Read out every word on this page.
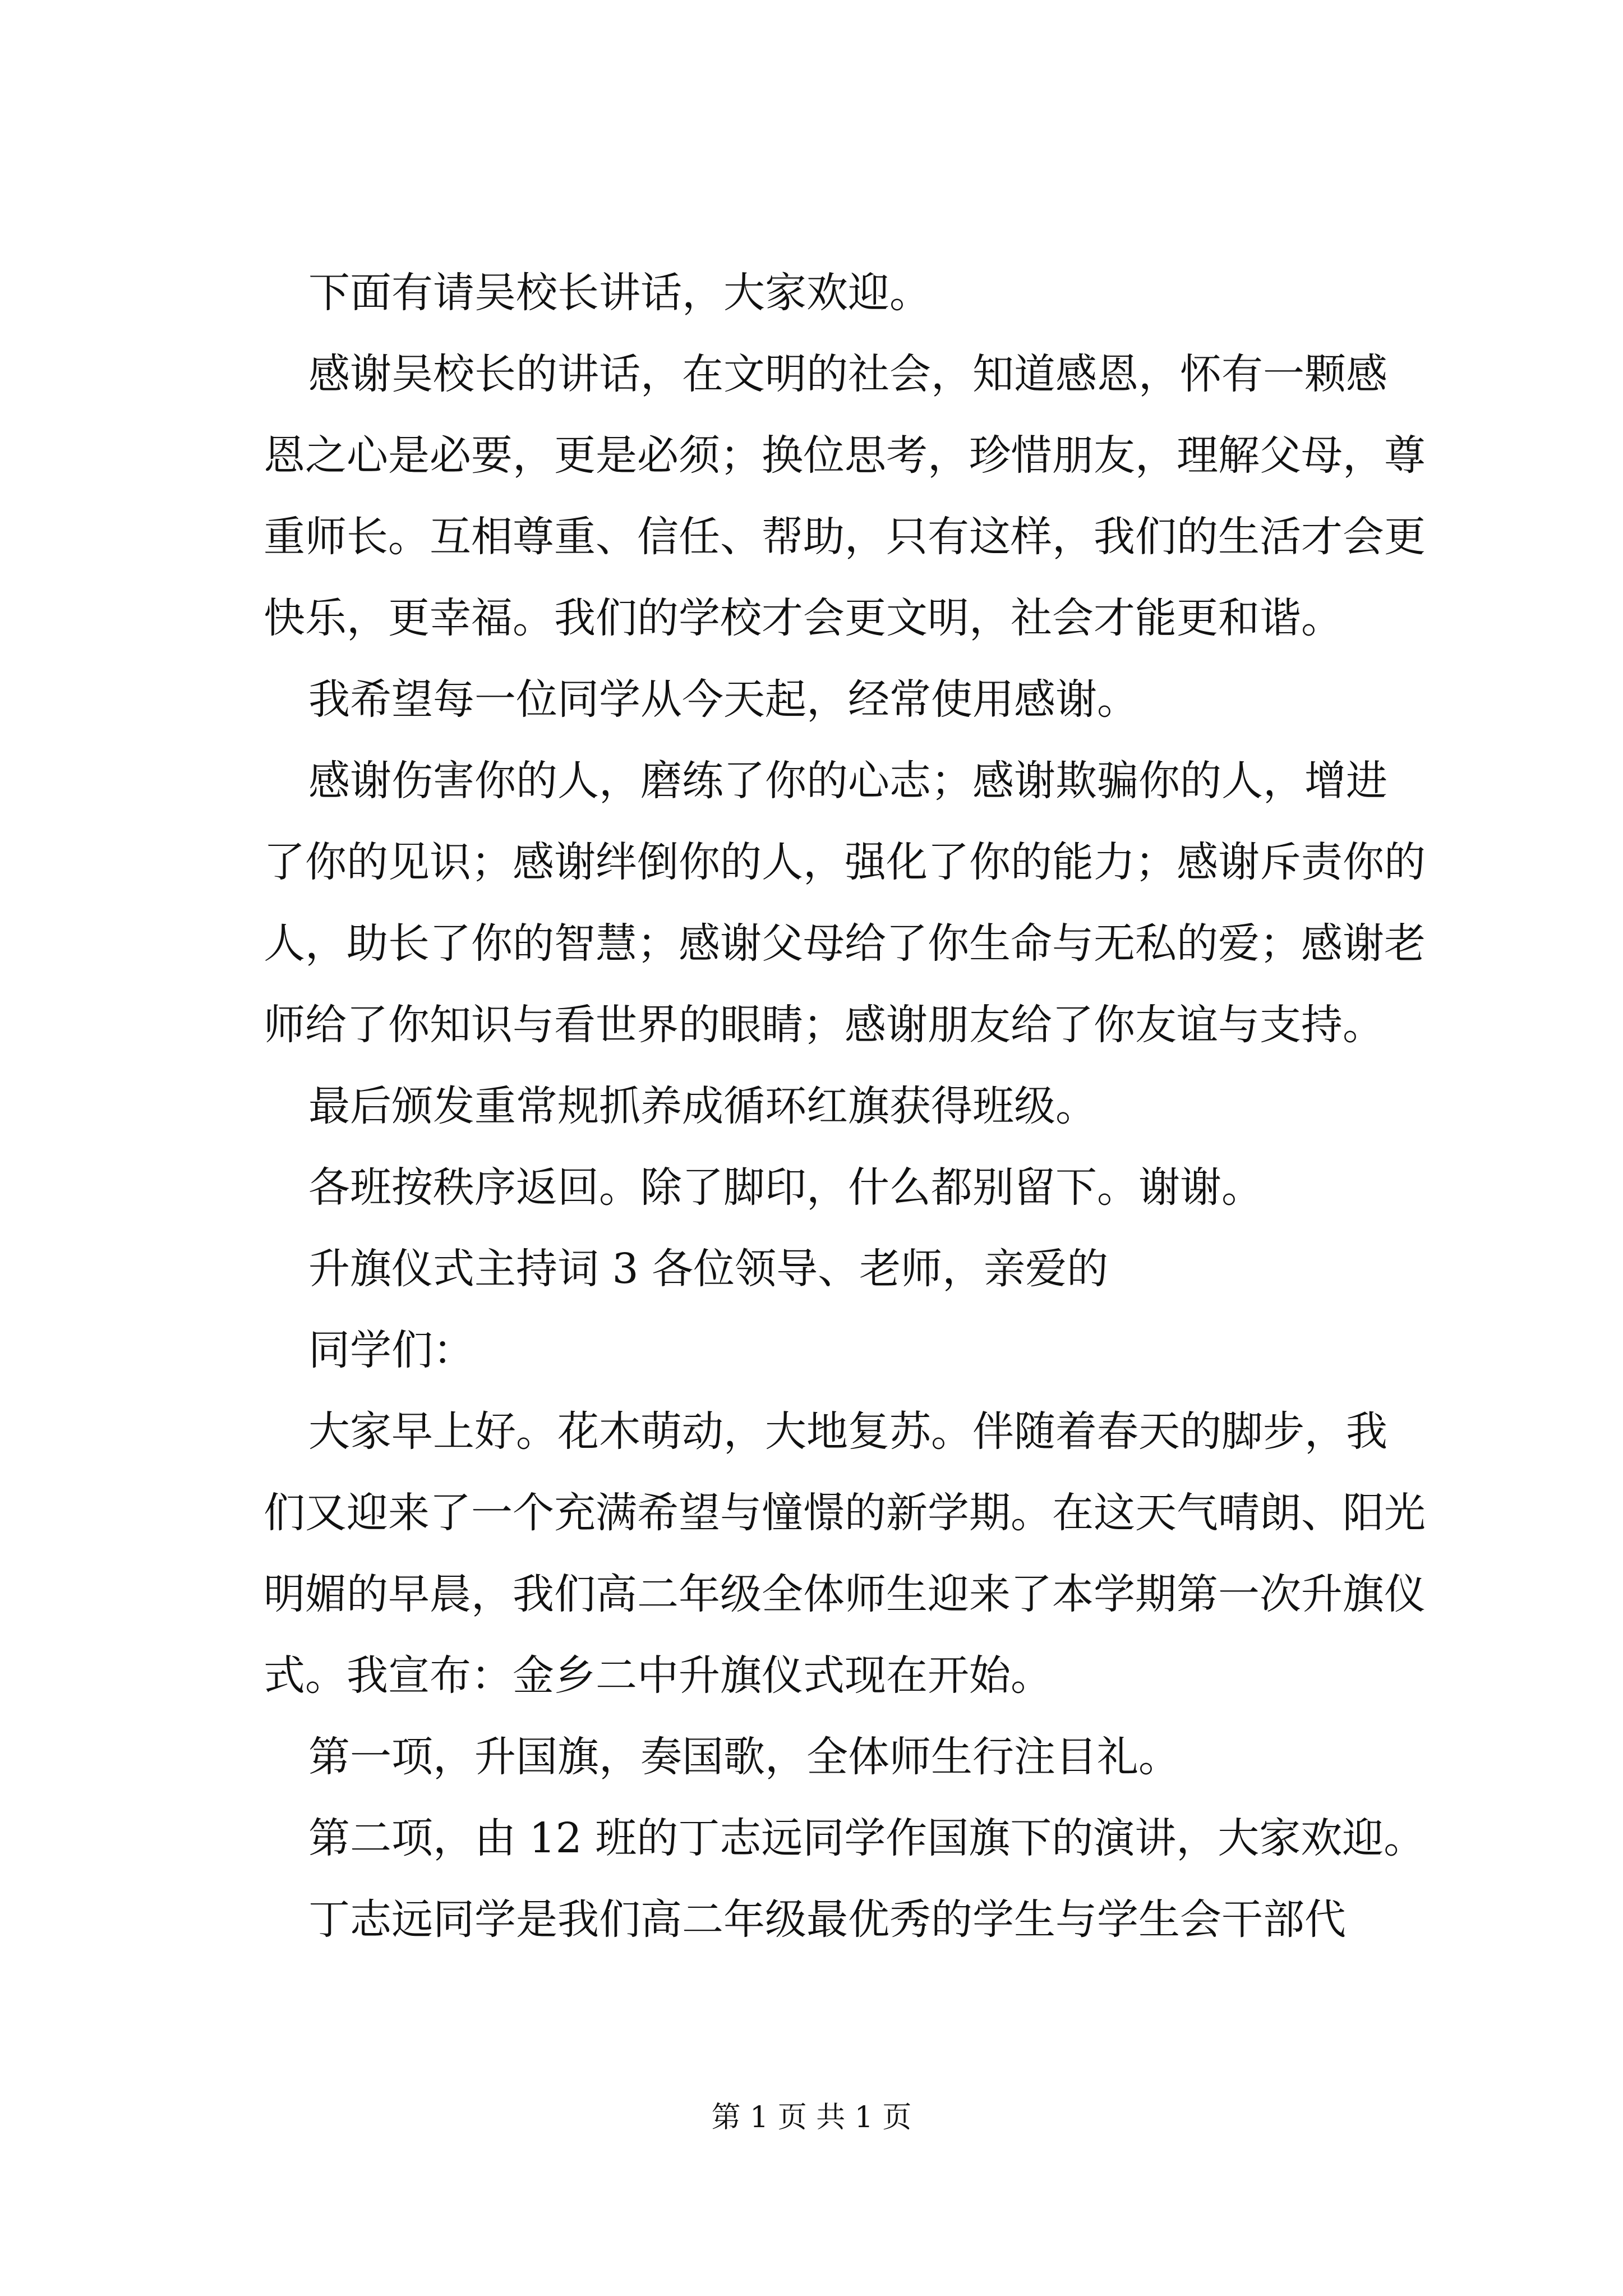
下面有请吴校长讲话，大家欢迎。
感谢吴校长的讲话，在文明的社会，知道感恩，怀有一颗感
恩之心是必要，更是必须；换位思考，珍惜朋友，理解父母，尊
重师长。互相尊重、信任、帮助，只有这样，我们的生活才会更
快乐，更幸福。我们的学校才会更文明，社会才能更和谐。
我希望每一位同学从今天起，经常使用感谢。
感谢伤害你的人，磨练了你的心志；感谢欺骗你的人，增进
了你的见识；感谢绊倒你的人，强化了你的能力；感谢斥责你的
人，助长了你的智慧；感谢父母给了你生命与无私的爱；感谢老
师给了你知识与看世界的眼睛；感谢朋友给了你友谊与支持。
最后颁发重常规抓养成循环红旗获得班级。
各班按秩序返回。除了脚印，什么都别留下。谢谢。
升旗仪式主持词 3 各位领导、老师，亲爱的
同学们：
大家早上好。花木萌动，大地复苏。伴随着春天的脚步，我
们又迎来了一个充满希望与憧憬的新学期。在这天气晴朗、阳光
明媚的早晨，我们高二年级全体师生迎来了本学期第一次升旗仪
式。我宣布：金乡二中升旗仪式现在开始。
第一项，升国旗，奏国歌，全体师生行注目礼。
第二项，由 12 班的丁志远同学作国旗下的演讲，大家欢迎。
丁志远同学是我们高二年级最优秀的学生与学生会干部代
第 1 页 共 1 页
